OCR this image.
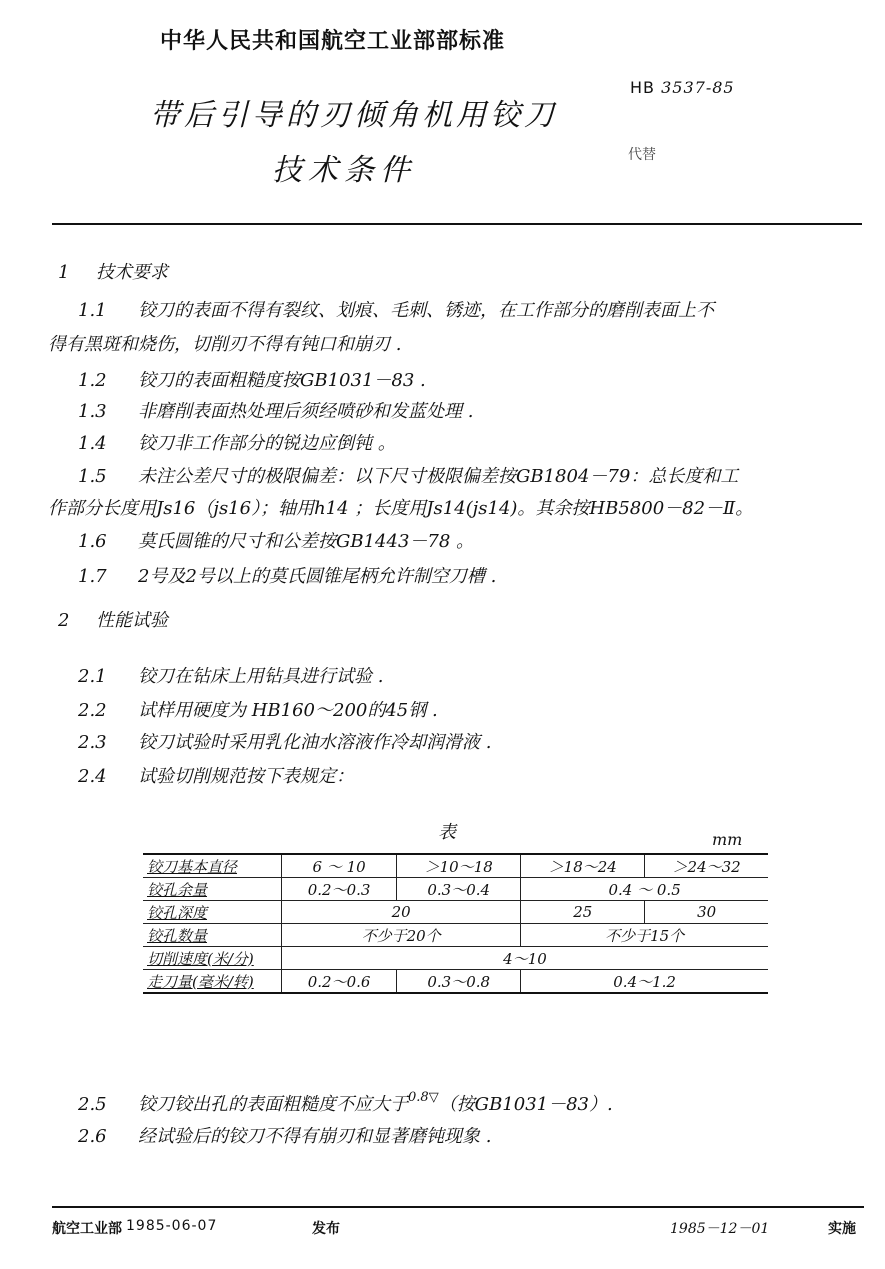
中华人民共和国航空工业部部标准
带后引导的刃倾角机用铰刀
技术条件
HB 3537-85
代替
1 技术要求
1.1 铰刀的表面不得有裂纹、划痕、毛刺、锈迹，在工作部分的磨削表面上不
得有黑斑和烧伤，切削刃不得有钝口和崩刃 .
1.2 铰刀的表面粗糙度按GB1031－83 .
1.3 非磨削表面热处理后须经喷砂和发蓝处理 .
1.4 铰刀非工作部分的锐边应倒钝 。
1.5 未注公差尺寸的极限偏差：以下尺寸极限偏差按GB1804－79：总长度和工
作部分长度用Js16（js16）；轴用h14 ；长度用Js14(js14)。其余按HB5800－82－Ⅱ。
1.6 莫氏圆锥的尺寸和公差按GB1443－78 。
1.7 2号及2号以上的莫氏圆锥尾柄允许制空刀槽 .
2 性能试验
2.1 铰刀在钻床上用钻具进行试验 .
2.2 试样用硬度为 HB160～200的45钢 .
2.3 铰刀试验时采用乳化油水溶液作冷却润滑液 .
2.4 试验切削规范按下表规定：
表	mm
铰刀基本直径	6 ～ 10	＞10～18	＞18～24	＞24～32
铰孔余量	0.2～0.3	0.3～0.4	0.4 ～ 0.5	
铰孔深度	20		25	30
铰孔数量	不少于20个		不少于15个	
切削速度(米/分)	4～10			
走刀量(毫米/转)	0.2～0.6	0.3～0.8	0.4～1.2	
2.5 铰刀铰出孔的表面粗糙度不应大于0.8▽（按GB1031－83）.
2.6 经试验后的铰刀不得有崩刃和显著磨钝现象 .
航空工业部 1985-06-07	发布	1985－12－01	实施
